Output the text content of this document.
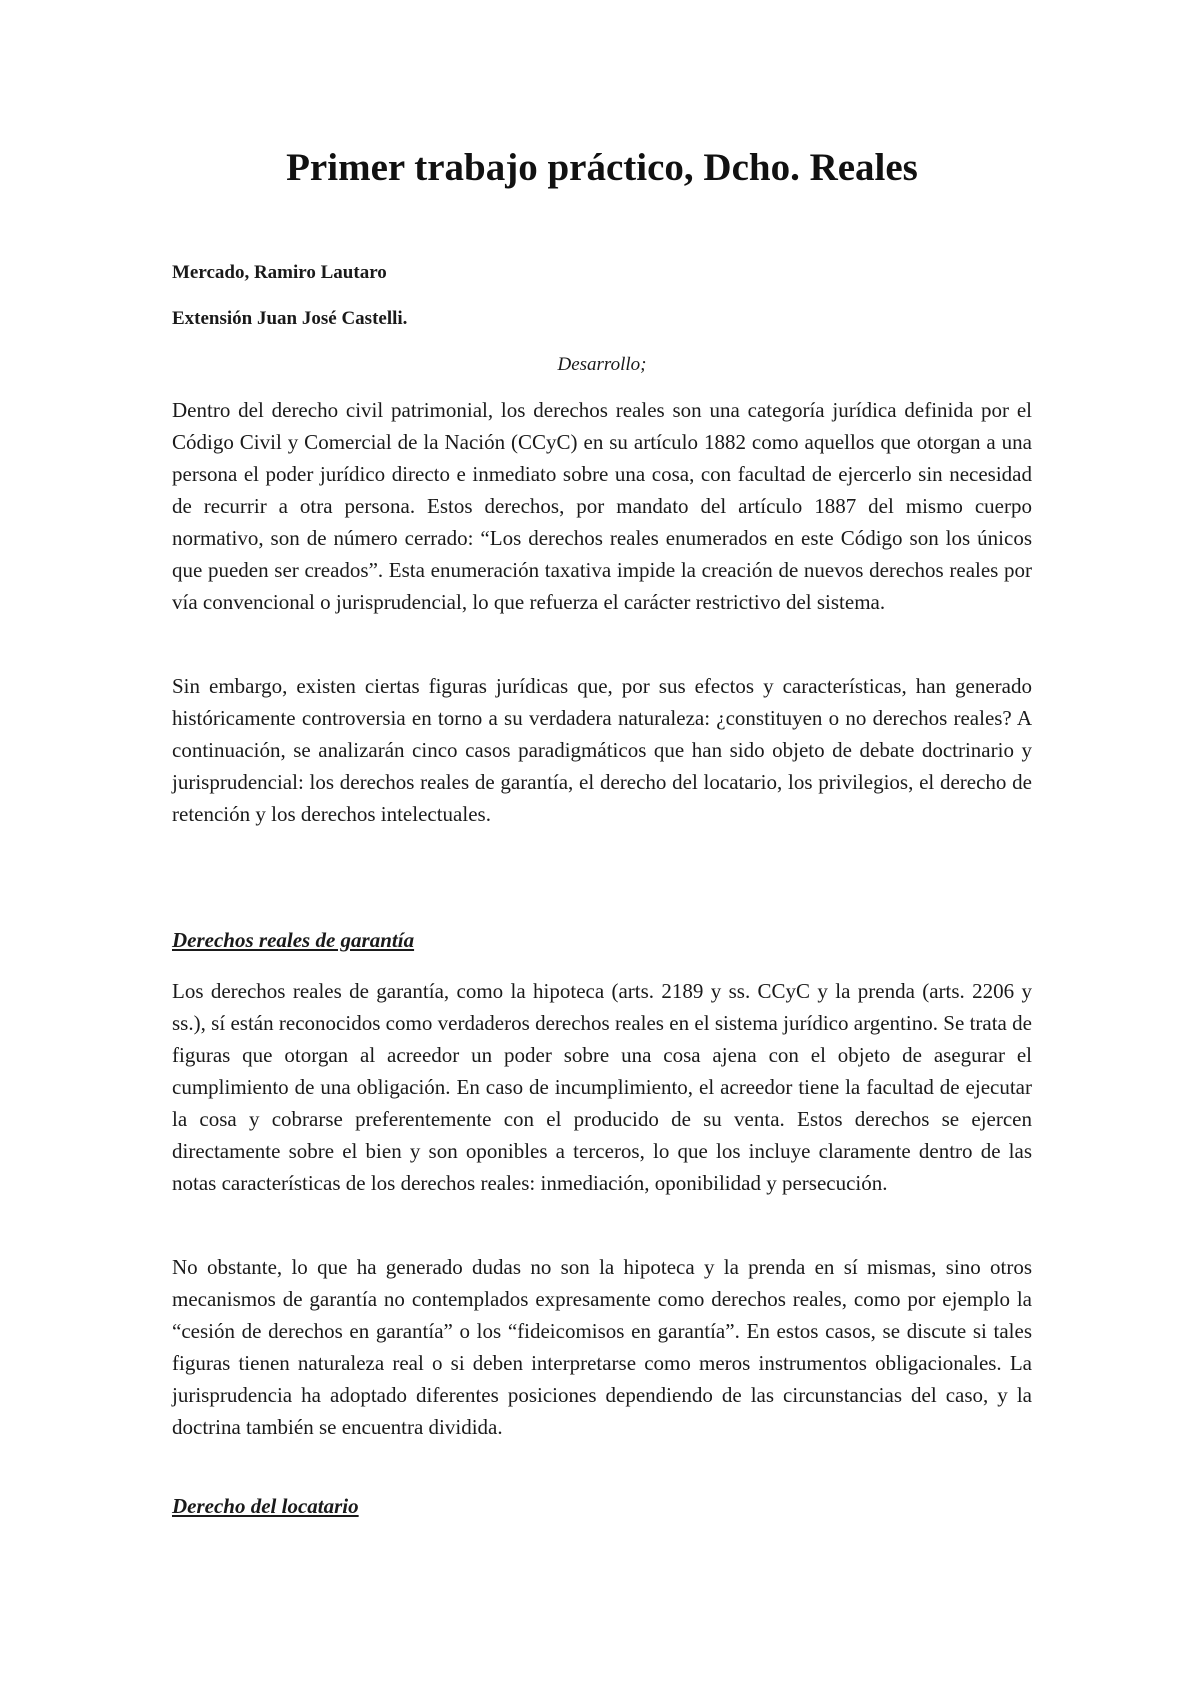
Primer trabajo práctico, Dcho. Reales

Mercado, Ramiro Lautaro

Extensión Juan José Castelli.

Desarrollo;

Dentro del derecho civil patrimonial, los derechos reales son una categoría jurídica definida por el Código Civil y Comercial de la Nación (CCyC) en su artículo 1882 como aquellos que otorgan a una persona el poder jurídico directo e inmediato sobre una cosa, con facultad de ejercerlo sin necesidad de recurrir a otra persona. Estos derechos, por mandato del artículo 1887 del mismo cuerpo normativo, son de número cerrado: “Los derechos reales enumerados en este Código son los únicos que pueden ser creados”. Esta enumeración taxativa impide la creación de nuevos derechos reales por vía convencional o jurisprudencial, lo que refuerza el carácter restrictivo del sistema.

Sin embargo, existen ciertas figuras jurídicas que, por sus efectos y características, han generado históricamente controversia en torno a su verdadera naturaleza: ¿constituyen o no derechos reales? A continuación, se analizarán cinco casos paradigmáticos que han sido objeto de debate doctrinario y jurisprudencial: los derechos reales de garantía, el derecho del locatario, los privilegios, el derecho de retención y los derechos intelectuales.

Derechos reales de garantía

Los derechos reales de garantía, como la hipoteca (arts. 2189 y ss. CCyC y la prenda (arts. 2206 y ss.), sí están reconocidos como verdaderos derechos reales en el sistema jurídico argentino. Se trata de figuras que otorgan al acreedor un poder sobre una cosa ajena con el objeto de asegurar el cumplimiento de una obligación. En caso de incumplimiento, el acreedor tiene la facultad de ejecutar la cosa y cobrarse preferentemente con el producido de su venta. Estos derechos se ejercen directamente sobre el bien y son oponibles a terceros, lo que los incluye claramente dentro de las notas características de los derechos reales: inmediación, oponibilidad y persecución.

No obstante, lo que ha generado dudas no son la hipoteca y la prenda en sí mismas, sino otros mecanismos de garantía no contemplados expresamente como derechos reales, como por ejemplo la “cesión de derechos en garantía” o los “fideicomisos en garantía”. En estos casos, se discute si tales figuras tienen naturaleza real o si deben interpretarse como meros instrumentos obligacionales. La jurisprudencia ha adoptado diferentes posiciones dependiendo de las circunstancias del caso, y la doctrina también se encuentra dividida.

Derecho del locatario
